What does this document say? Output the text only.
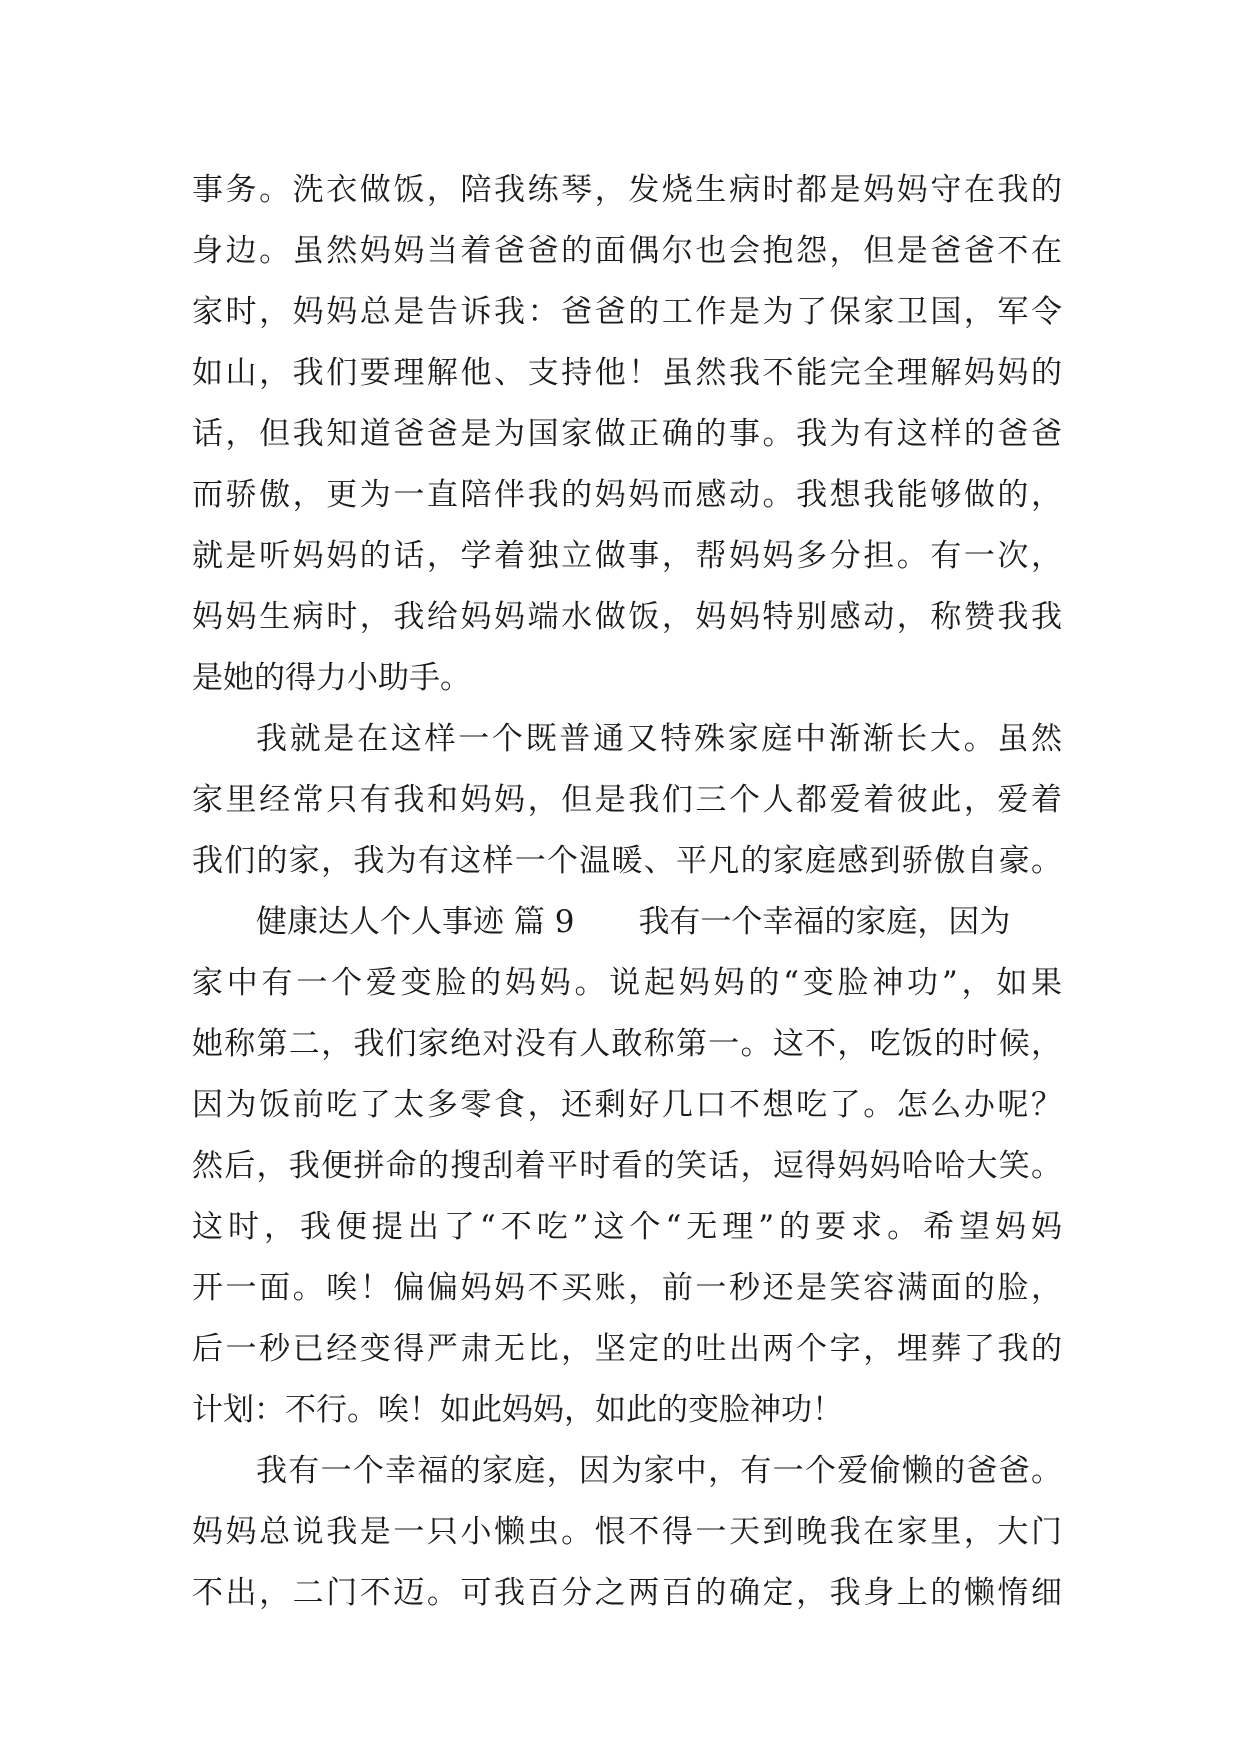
事务。洗衣做饭，陪我练琴，发烧生病时都是妈妈守在我的
身边。虽然妈妈当着爸爸的面偶尔也会抱怨，但是爸爸不在
家时，妈妈总是告诉我：爸爸的工作是为了保家卫国，军令
如山，我们要理解他、支持他！虽然我不能完全理解妈妈的
话，但我知道爸爸是为国家做正确的事。我为有这样的爸爸
而骄傲，更为一直陪伴我的妈妈而感动。我想我能够做的，
就是听妈妈的话，学着独立做事，帮妈妈多分担。有一次，
妈妈生病时，我给妈妈端水做饭，妈妈特别感动，称赞我我
是她的得力小助手。
我就是在这样一个既普通又特殊家庭中渐渐长大。虽然
家里经常只有我和妈妈，但是我们三个人都爱着彼此，爱着
我们的家，我为有这样一个温暖、平凡的家庭感到骄傲自豪。
健康达人个人事迹 篇 9 我有一个幸福的家庭，因为
家中有一个爱变脸的妈妈。说起妈妈的“变脸神功”，如果
她称第二，我们家绝对没有人敢称第一。这不，吃饭的时候，
因为饭前吃了太多零食，还剩好几口不想吃了。怎么办呢？
然后，我便拼命的搜刮着平时看的笑话，逗得妈妈哈哈大笑。
这时，我便提出了“不吃”这个“无理”的要求。希望妈妈
开一面。唉！偏偏妈妈不买账，前一秒还是笑容满面的脸，
后一秒已经变得严肃无比，坚定的吐出两个字，埋葬了我的
计划：不行。唉！如此妈妈，如此的变脸神功！
我有一个幸福的家庭，因为家中，有一个爱偷懒的爸爸。
妈妈总说我是一只小懒虫。恨不得一天到晚我在家里，大门
不出，二门不迈。可我百分之两百的确定，我身上的懒惰细
